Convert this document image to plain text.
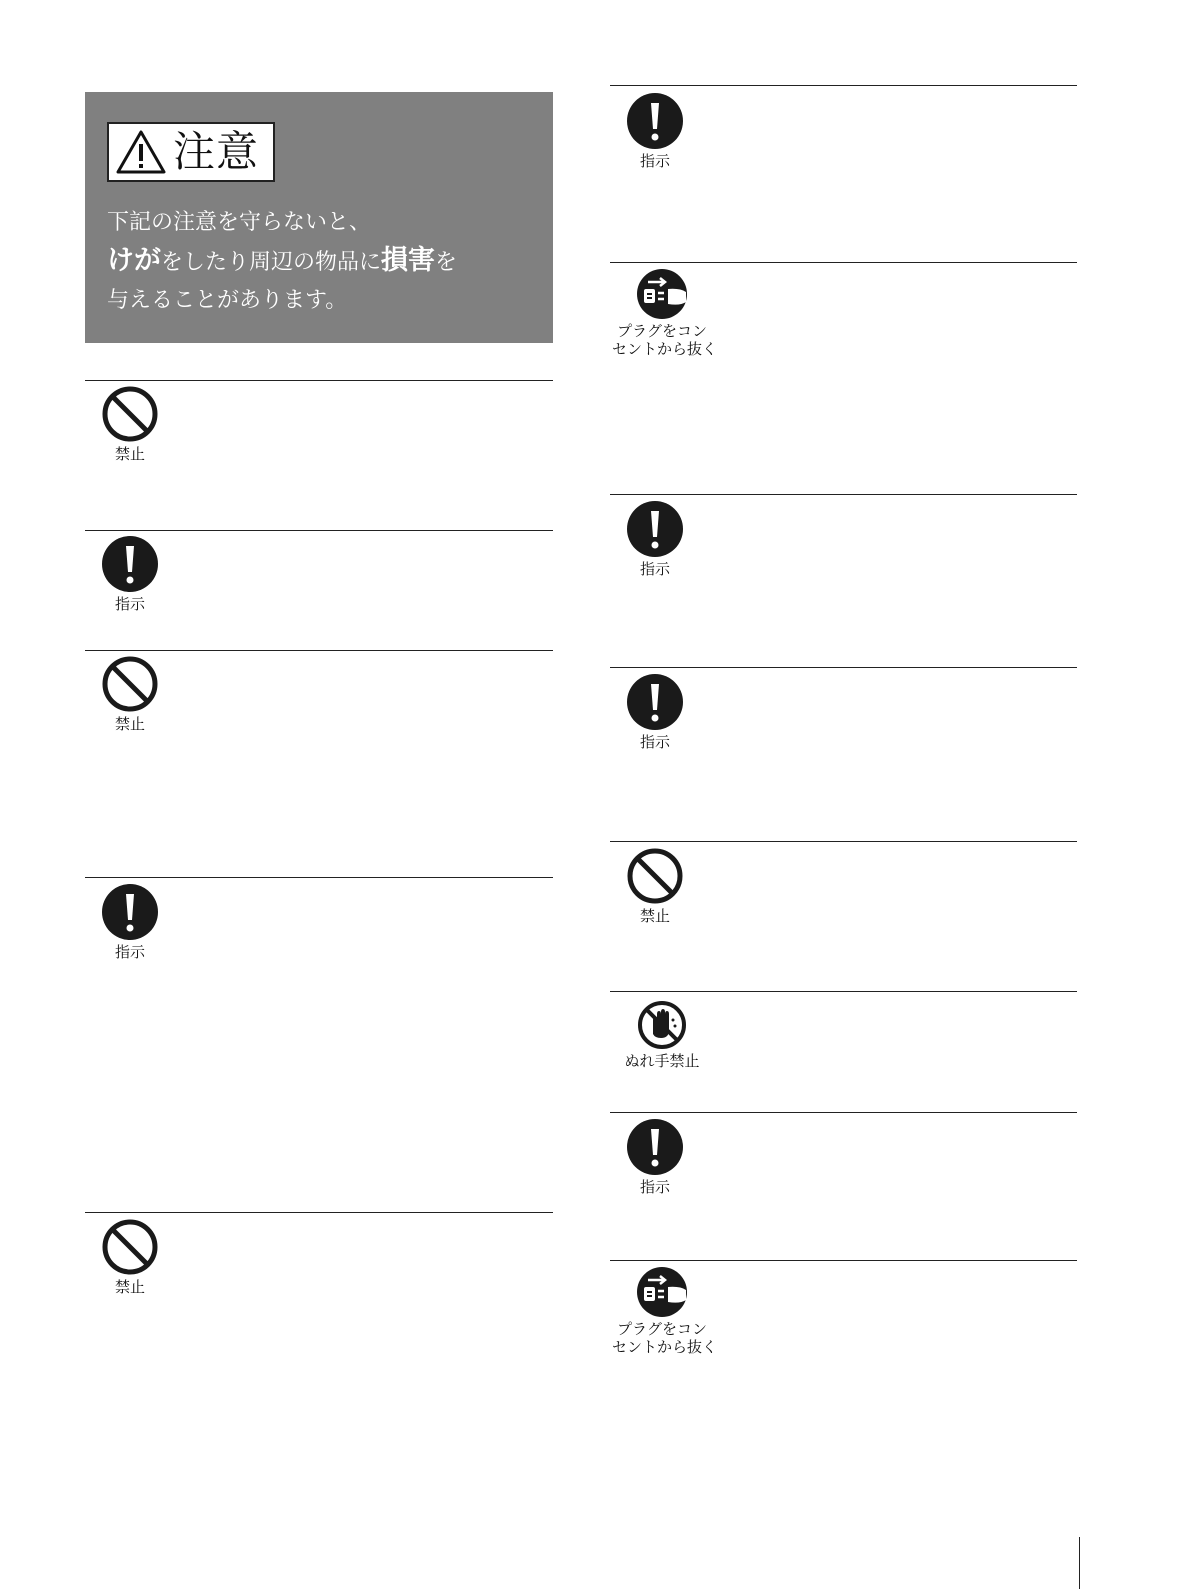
注意
下記の注意を守らないと、
けがをしたり周辺の物品に損害を
与えることがあります。
禁止
指示
禁止
指示
禁止
指示
プラグをコン
セントから抜く
指示
指示
禁止
ぬれ手禁止
指示
プラグをコン
セントから抜く
